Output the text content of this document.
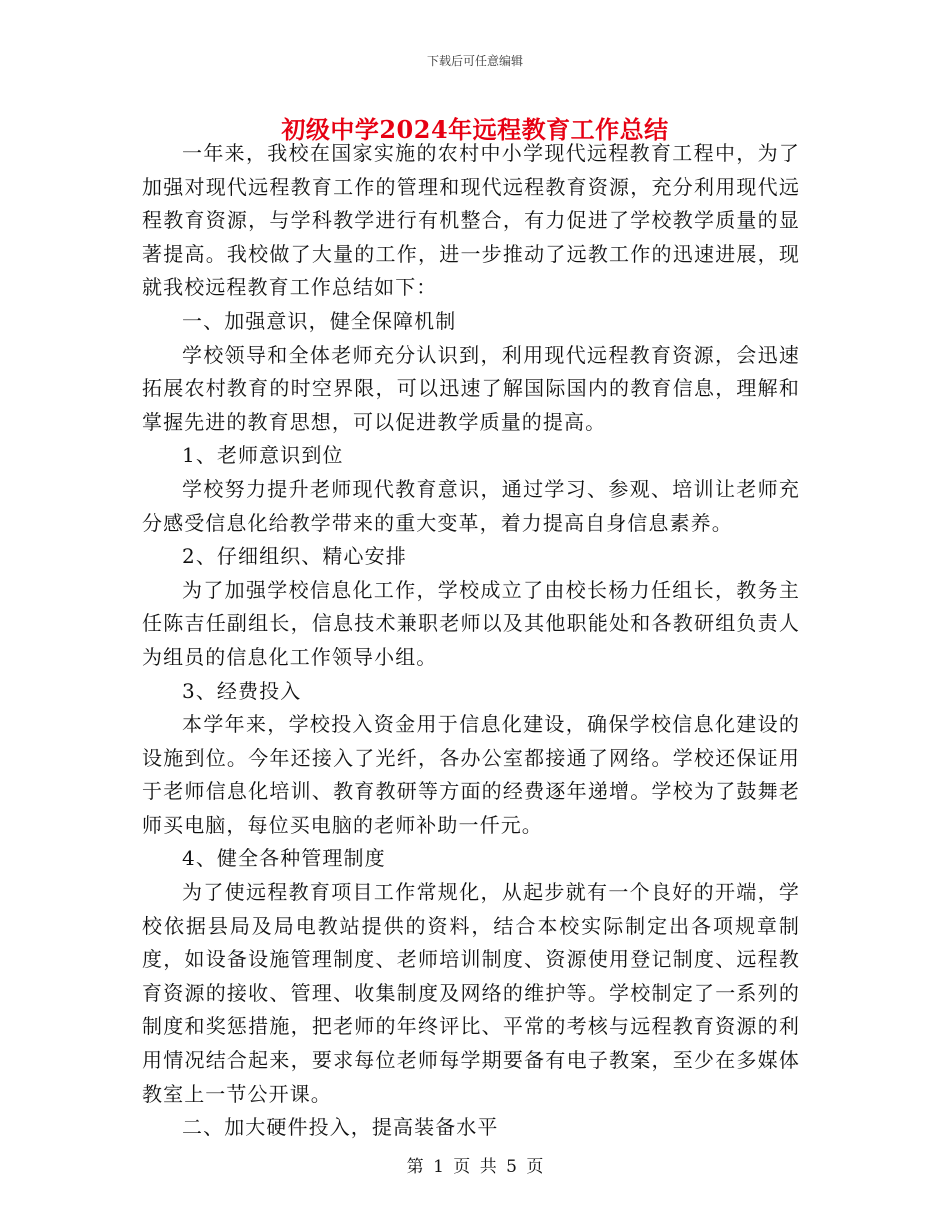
下载后可任意编辑
初级中学2024年远程教育工作总结

一年来，我校在国家实施的农村中小学现代远程教育工程中，为了加强对现代远程教育工作的管理和现代远程教育资源，充分利用现代远程教育资源，与学科教学进行有机整合，有力促进了学校教学质量的显著提高。我校做了大量的工作，进一步推动了远教工作的迅速进展，现就我校远程教育工作总结如下：

一、加强意识，健全保障机制

学校领导和全体老师充分认识到，利用现代远程教育资源，会迅速拓展农村教育的时空界限，可以迅速了解国际国内的教育信息，理解和掌握先进的教育思想，可以促进教学质量的提高。

1、老师意识到位

学校努力提升老师现代教育意识，通过学习、参观、培训让老师充分感受信息化给教学带来的重大变革，着力提高自身信息素养。

2、仔细组织、精心安排

为了加强学校信息化工作，学校成立了由校长杨力任组长，教务主任陈吉任副组长，信息技术兼职老师以及其他职能处和各教研组负责人为组员的信息化工作领导小组。

3、经费投入

本学年来，学校投入资金用于信息化建设，确保学校信息化建设的设施到位。今年还接入了光纤，各办公室都接通了网络。学校还保证用于老师信息化培训、教育教研等方面的经费逐年递增。学校为了鼓舞老师买电脑，每位买电脑的老师补助一仟元。

4、健全各种管理制度

为了使远程教育项目工作常规化，从起步就有一个良好的开端，学校依据县局及局电教站提供的资料，结合本校实际制定出各项规章制度，如设备设施管理制度、老师培训制度、资源使用登记制度、远程教育资源的接收、管理、收集制度及网络的维护等。学校制定了一系列的制度和奖惩措施，把老师的年终评比、平常的考核与远程教育资源的利用情况结合起来，要求每位老师每学期要备有电子教案，至少在多媒体教室上一节公开课。

二、加大硬件投入，提高装备水平

第 1 页 共 5 页
